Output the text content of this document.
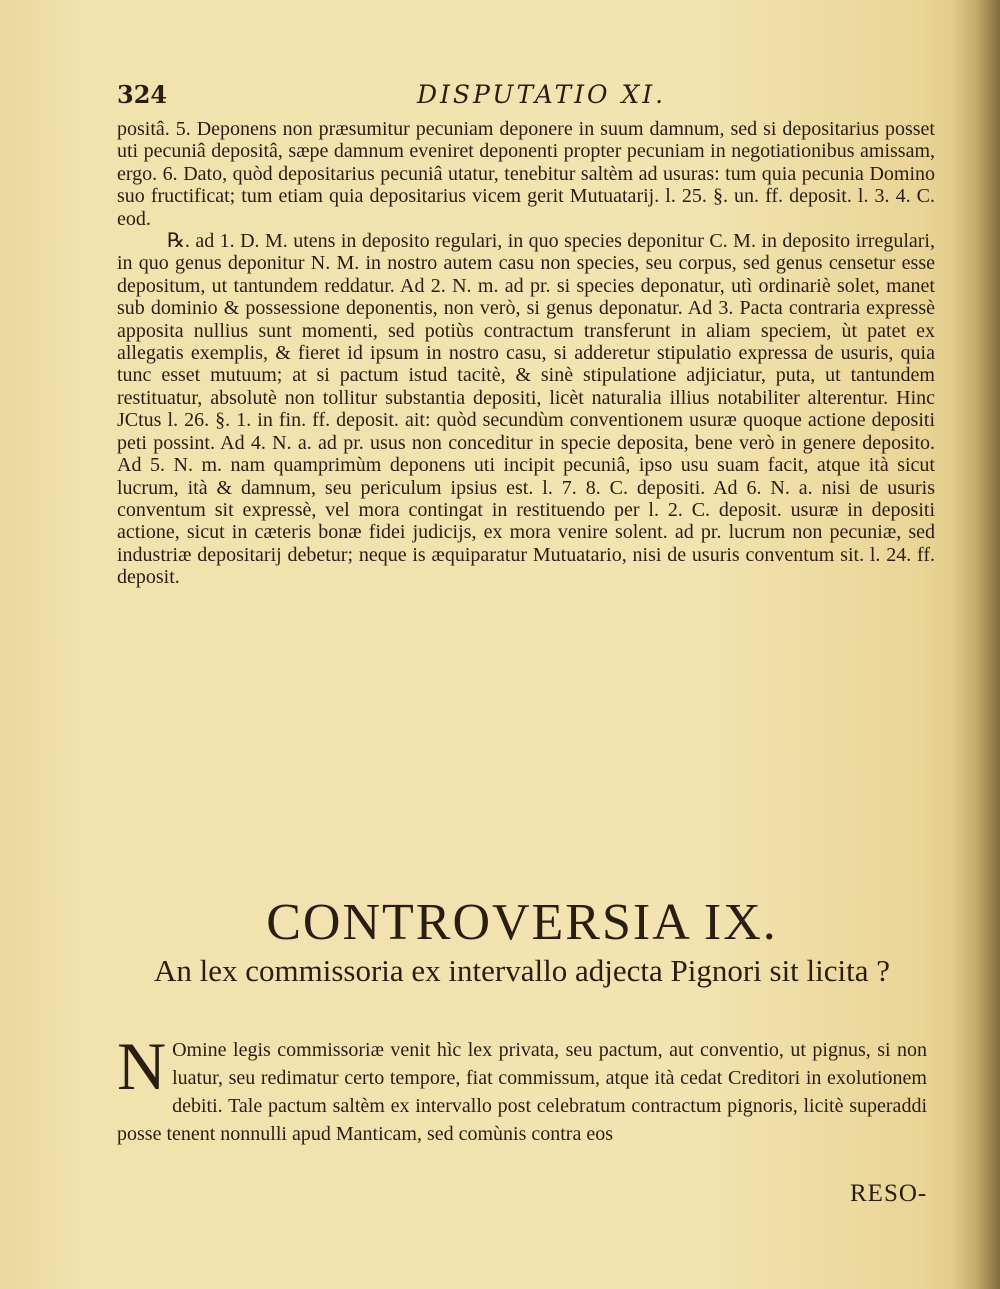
324	DISPUTATIO XI.

positâ. 5. Deponens non præsumitur pecuniam deponere in suum damnum, sed si depositarius posset uti pecuniâ depositâ, sæpe damnum eveniret deponenti propter pecuniam in negotiationibus amissam, ergo. 6. Dato, quòd depositarius pecuniâ utatur, tenebitur saltèm ad usuras: tum quia pecunia Domino suo fructificat; tum etiam quia depositarius vicem gerit Mutuatarij. l. 25. §. un. ff. deposit. l. 3. 4. C. eod.

℞. ad 1. D. M. utens in deposito regulari, in quo species deponitur C. M. in deposito irregulari, in quo genus deponitur N. M. in nostro autem casu non species, seu corpus, sed genus censetur esse depositum, ut tantundem reddatur. Ad 2. N. m. ad pr. si species deponatur, utì ordinariè solet, manet sub dominio & possessione deponentis, non verò, si genus deponatur. Ad 3. Pacta contraria expressè apposita nullius sunt momenti, sed potiùs contractum transferunt in aliam speciem, ùt patet ex allegatis exemplis, & fieret id ipsum in nostro casu, si adderetur stipulatio expressa de usuris, quia tunc esset mutuum; at si pactum istud tacitè, & sinè stipulatione adjiciatur, puta, ut tantundem restituatur, absolutè non tollitur substantia depositi, licèt naturalia illius notabiliter alterentur. Hinc JCtus l. 26. §. 1. in fin. ff. deposit. ait: quòd secundùm conventionem usuræ quoque actione depositi peti possint. Ad 4. N. a. ad pr. usus non conceditur in specie deposita, bene verò in genere deposito. Ad 5. N. m. nam quamprimùm deponens uti incipit pecuniâ, ipso usu suam facit, atque ità sicut lucrum, ità & damnum, seu periculum ipsius est. l. 7. 8. C. depositi. Ad 6. N. a. nisi de usuris conventum sit expressè, vel mora contingat in restituendo per l. 2. C. deposit. usuræ in depositi actione, sicut in cæteris bonæ fidei judicijs, ex mora venire solent. ad pr. lucrum non pecuniæ, sed industriæ depositarij debetur; neque is æquiparatur Mutuatario, nisi de usuris conventum sit. l. 24. ff. deposit.

CONTROVERSIA IX.
An lex commissoria ex intervallo adjecta Pignori sit licita ?
N Omine legis commissoriæ venit hìc lex privata, seu pactum, aut conventio, ut pignus, si non luatur, seu redimatur certo tempore, fiat commissum, atque ità cedat Creditori in exolutionem debiti. Tale pactum saltèm ex intervallo post celebratum contractum pignoris, licitè superaddi posse tenent nonnulli apud Manticam, sed comùnis contra eos
RESO-
